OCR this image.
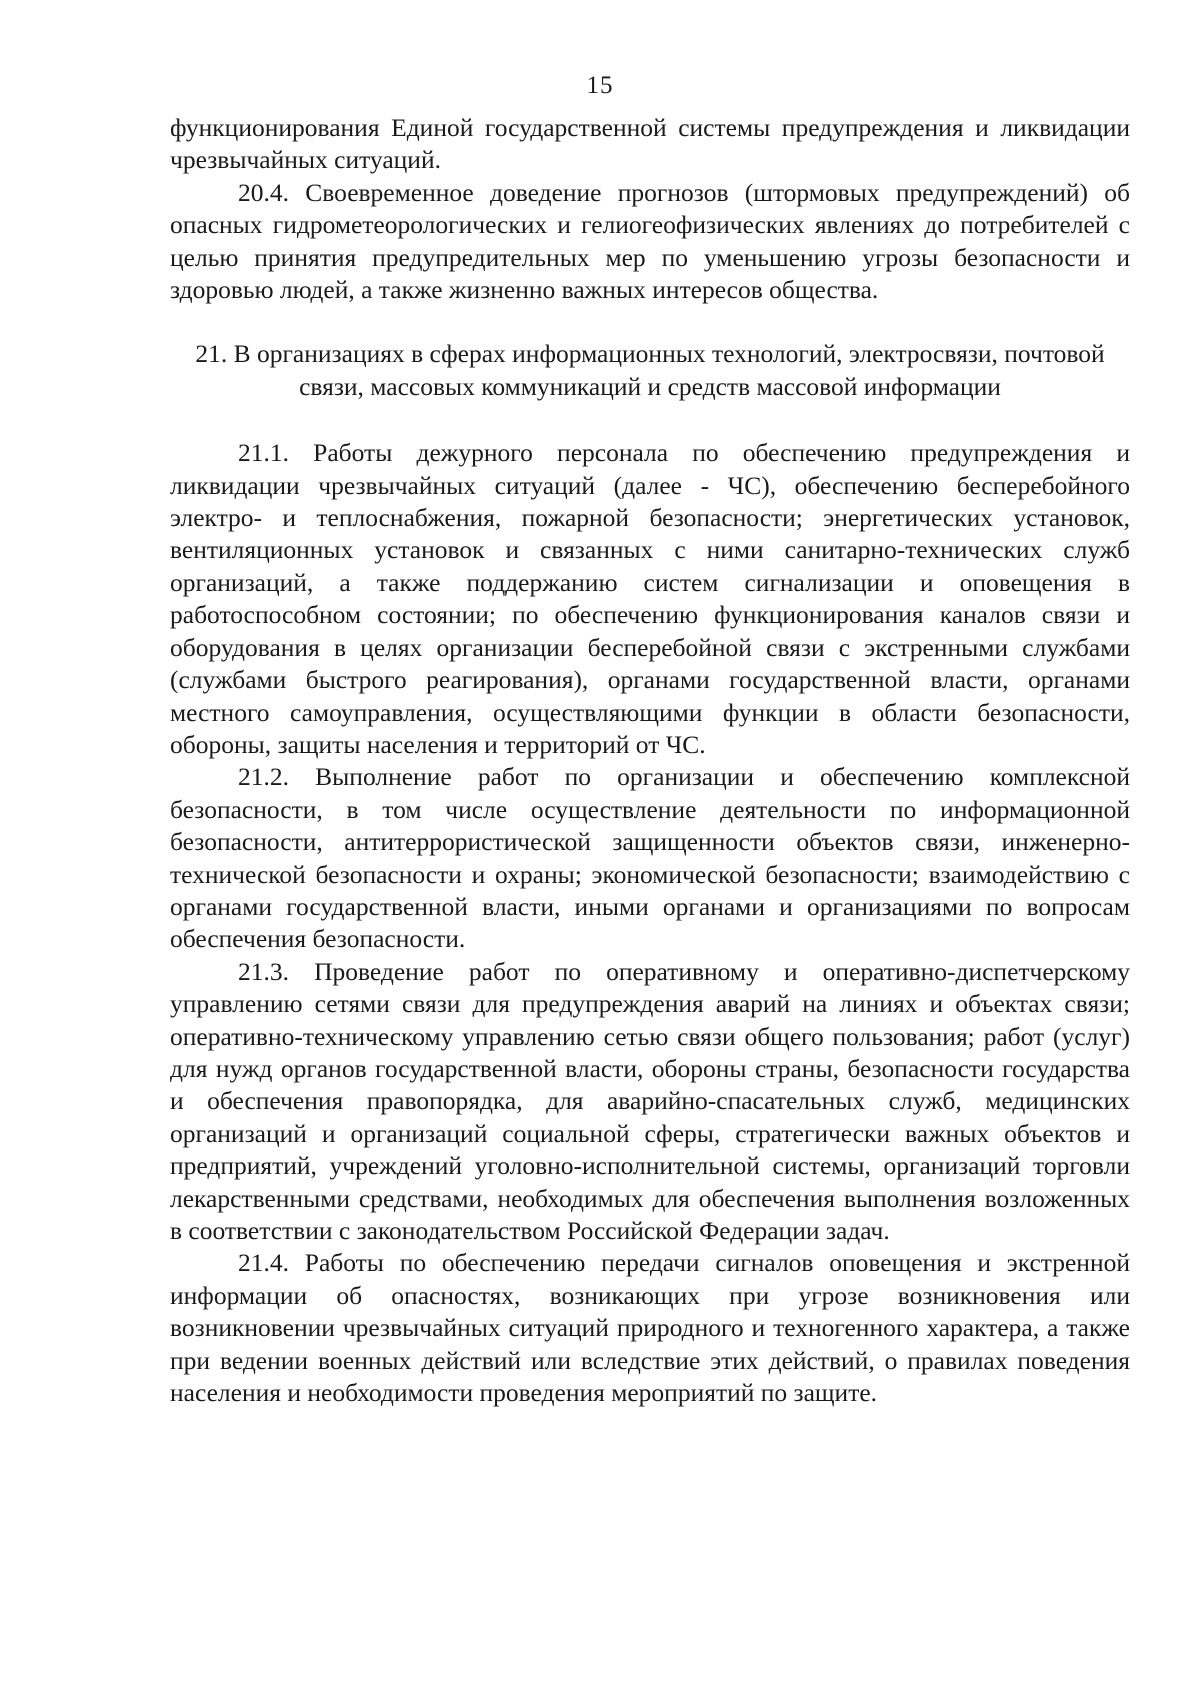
15

функционирования Единой государственной системы предупреждения и ликвидации чрезвычайных ситуаций.

20.4. Своевременное доведение прогнозов (штормовых предупреждений) об опасных гидрометеорологических и гелиогеофизических явлениях до потребителей с целью принятия предупредительных мер по уменьшению угрозы безопасности и здоровью людей, а также жизненно важных интересов общества.

21. В организациях в сферах информационных технологий, электросвязи, почтовой связи, массовых коммуникаций и средств массовой информации

21.1. Работы дежурного персонала по обеспечению предупреждения и ликвидации чрезвычайных ситуаций (далее - ЧС), обеспечению бесперебойного электро- и теплоснабжения, пожарной безопасности; энергетических установок, вентиляционных установок и связанных с ними санитарно-технических служб организаций, а также поддержанию систем сигнализации и оповещения в работоспособном состоянии; по обеспечению функционирования каналов связи и оборудования в целях организации бесперебойной связи с экстренными службами (службами быстрого реагирования), органами государственной власти, органами местного самоуправления, осуществляющими функции в области безопасности, обороны, защиты населения и территорий от ЧС.

21.2. Выполнение работ по организации и обеспечению комплексной безопасности, в том числе осуществление деятельности по информационной безопасности, антитеррористической защищенности объектов связи, инженерно-технической безопасности и охраны; экономической безопасности; взаимодействию с органами государственной власти, иными органами и организациями по вопросам обеспечения безопасности.

21.3. Проведение работ по оперативному и оперативно-диспетчерскому управлению сетями связи для предупреждения аварий на линиях и объектах связи; оперативно-техническому управлению сетью связи общего пользования; работ (услуг) для нужд органов государственной власти, обороны страны, безопасности государства и обеспечения правопорядка, для аварийно-спасательных служб, медицинских организаций и организаций социальной сферы, стратегически важных объектов и предприятий, учреждений уголовно-исполнительной системы, организаций торговли лекарственными средствами, необходимых для обеспечения выполнения возложенных в соответствии с законодательством Российской Федерации задач.

21.4. Работы по обеспечению передачи сигналов оповещения и экстренной информации об опасностях, возникающих при угрозе возникновения или возникновении чрезвычайных ситуаций природного и техногенного характера, а также при ведении военных действий или вследствие этих действий, о правилах поведения населения и необходимости проведения мероприятий по защите.
